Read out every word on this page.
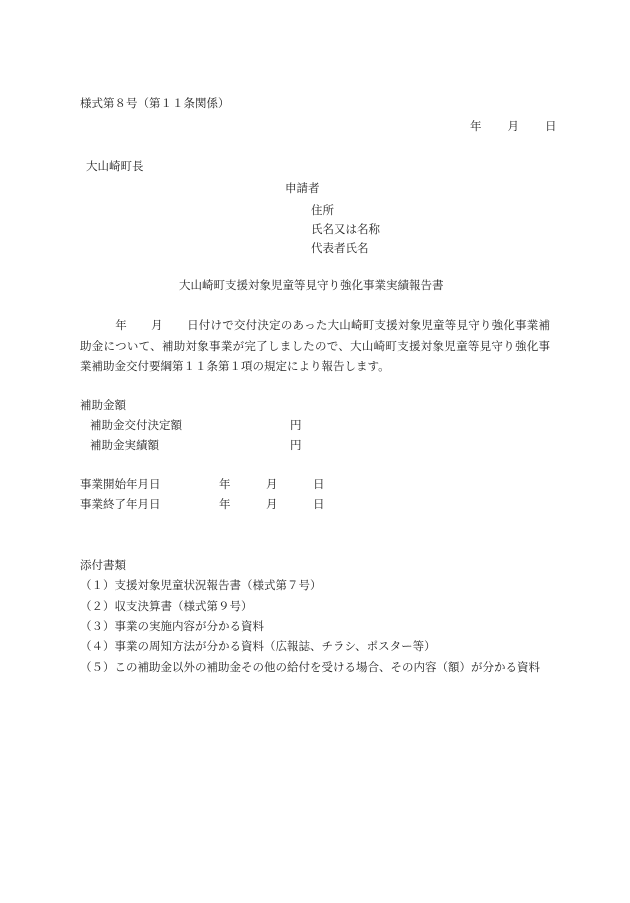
様式第８号（第１１条関係）
年 月 日
大山崎町長
申請者
住所
氏名又は名称
代表者氏名
大山崎町支援対象児童等見守り強化事業実績報告書
年 月 日付けで交付決定のあった大山崎町支援対象児童等見守り強化事業補助金について、補助対象事業が完了しましたので、大山崎町支援対象児童等見守り強化事業補助金交付要綱第１１条第１項の規定により報告します。
補助金額
補助金交付決定額	円
補助金実績額	円
事業開始年月日	年	月	日
事業終了年月日	年	月	日
添付書類
（１）支援対象児童状況報告書（様式第７号）
（２）収支決算書（様式第９号）
（３）事業の実施内容が分かる資料
（４）事業の周知方法が分かる資料（広報誌、チラシ、ポスター等）
（５）この補助金以外の補助金その他の給付を受ける場合、その内容（額）が分かる資料
